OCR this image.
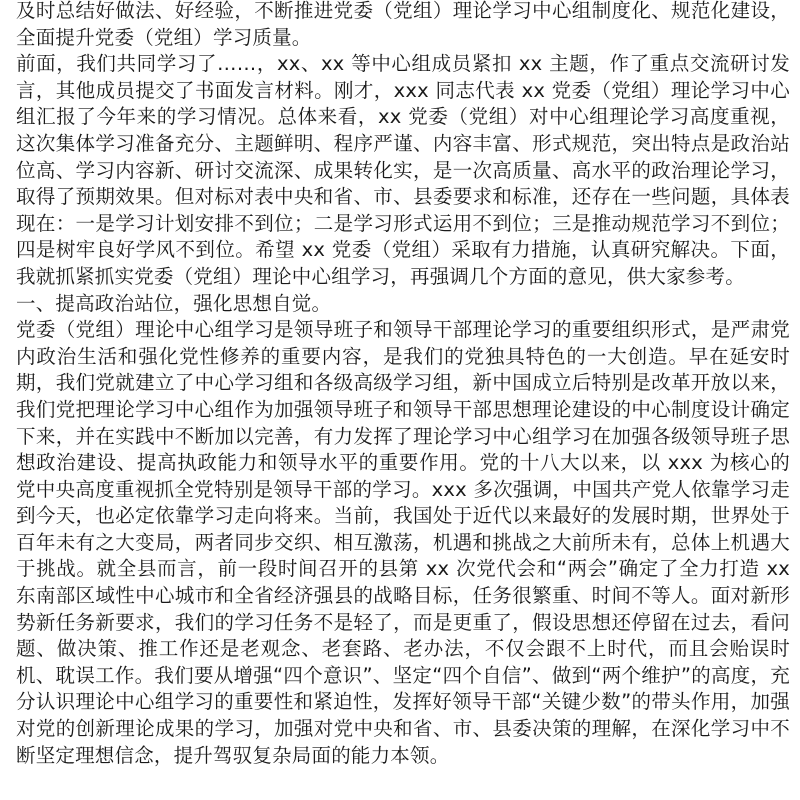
及时总结好做法、好经验，不断推进党委（党组）理论学习中心组制度化、规范化建设，全面提升党委（党组）学习质量。

前面，我们共同学习了……，xx、xx 等中心组成员紧扣 xx 主题，作了重点交流研讨发言，其他成员提交了书面发言材料。刚才，xxx 同志代表 xx 党委（党组）理论学习中心组汇报了今年来的学习情况。总体来看，xx 党委（党组）对中心组理论学习高度重视，这次集体学习准备充分、主题鲜明、程序严谨、内容丰富、形式规范，突出特点是政治站位高、学习内容新、研讨交流深、成果转化实，是一次高质量、高水平的政治理论学习，取得了预期效果。但对标对表中央和省、市、县委要求和标准，还存在一些问题，具体表现在：一是学习计划安排不到位；二是学习形式运用不到位；三是推动规范学习不到位；四是树牢良好学风不到位。希望 xx 党委（党组）采取有力措施，认真研究解决。下面，我就抓紧抓实党委（党组）理论中心组学习，再强调几个方面的意见，供大家参考。

一、提高政治站位，强化思想自觉。

党委（党组）理论中心组学习是领导班子和领导干部理论学习的重要组织形式，是严肃党内政治生活和强化党性修养的重要内容，是我们的党独具特色的一大创造。早在延安时期，我们党就建立了中心学习组和各级高级学习组，新中国成立后特别是改革开放以来，我们党把理论学习中心组作为加强领导班子和领导干部思想理论建设的中心制度设计确定下来，并在实践中不断加以完善，有力发挥了理论学习中心组学习在加强各级领导班子思想政治建设、提高执政能力和领导水平的重要作用。党的十八大以来，以 xxx 为核心的党中央高度重视抓全党特别是领导干部的学习。xxx 多次强调，中国共产党人依靠学习走到今天，也必定依靠学习走向将来。当前，我国处于近代以来最好的发展时期，世界处于百年未有之大变局，两者同步交织、相互激荡，机遇和挑战之大前所未有，总体上机遇大于挑战。就全县而言，前一段时间召开的县第 xx 次党代会和“两会”确定了全力打造 xx 东南部区域性中心城市和全省经济强县的战略目标，任务很繁重、时间不等人。面对新形势新任务新要求，我们的学习任务不是轻了，而是更重了，假设思想还停留在过去，看问题、做决策、推工作还是老观念、老套路、老办法，不仅会跟不上时代，而且会贻误时机、耽误工作。我们要从增强“四个意识”、坚定“四个自信”、做到“两个维护”的高度，充分认识理论中心组学习的重要性和紧迫性，发挥好领导干部“关键少数”的带头作用，加强对党的创新理论成果的学习，加强对党中央和省、市、县委决策的理解，在深化学习中不断坚定理想信念，提升驾驭复杂局面的能力本领。
